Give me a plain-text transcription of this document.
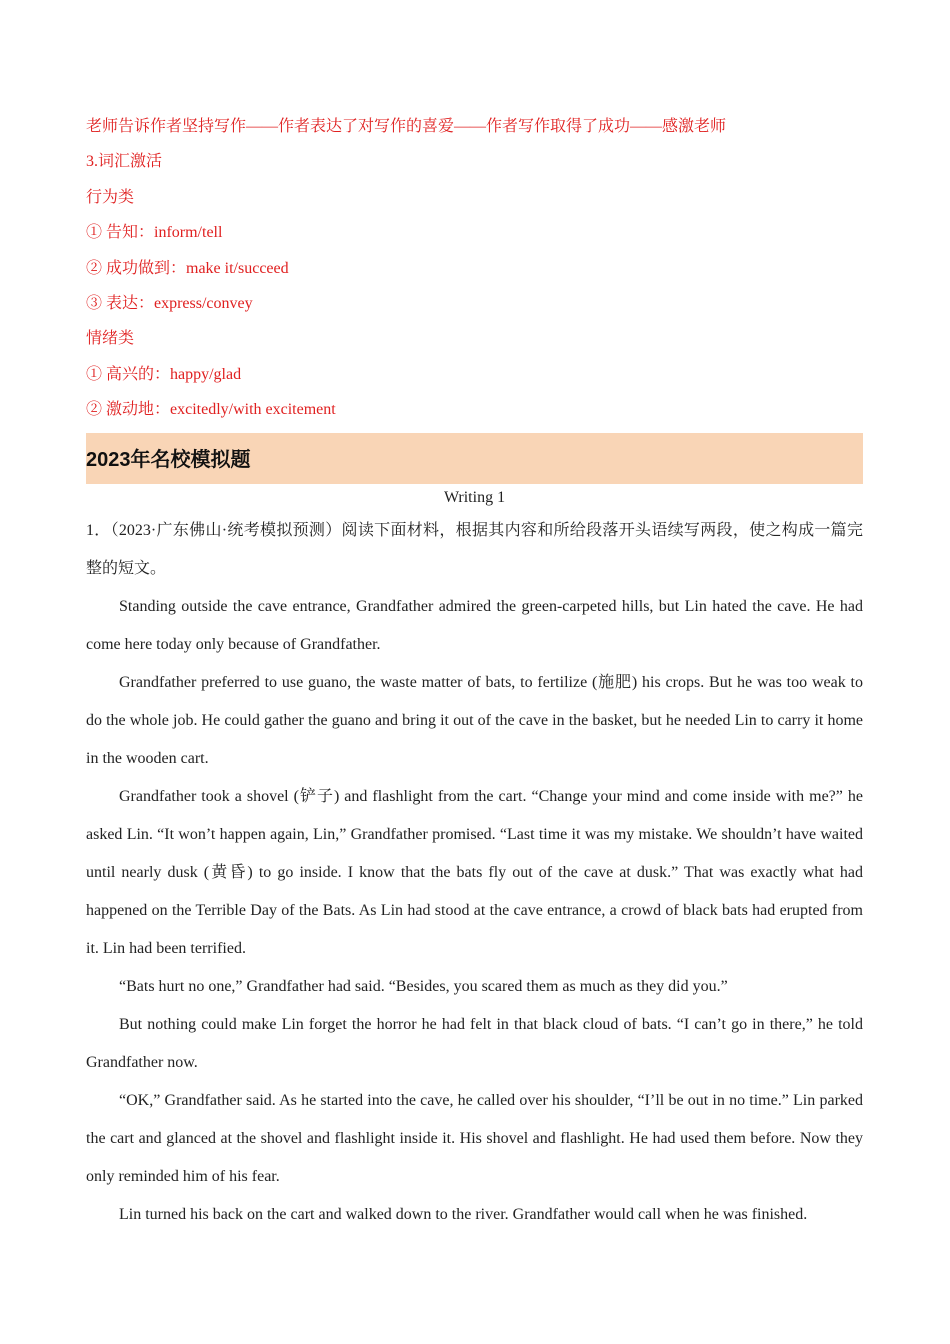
老师告诉作者坚持写作——作者表达了对写作的喜爱——作者写作取得了成功——感激老师
3.词汇激活
行为类
① 告知：inform/tell
② 成功做到：make it/succeed
③ 表达：express/convey
情绪类
① 高兴的：happy/glad
② 激动地：excitedly/with excitement
2023年名校模拟题
Writing 1
1．（2023·广东佛山·统考模拟预测）阅读下面材料，根据其内容和所给段落开头语续写两段，使之构成一篇完整的短文。

Standing outside the cave entrance, Grandfather admired the green-carpeted hills, but Lin hated the cave. He had come here today only because of Grandfather.

Grandfather preferred to use guano, the waste matter of bats, to fertilize (施肥) his crops. But he was too weak to do the whole job. He could gather the guano and bring it out of the cave in the basket, but he needed Lin to carry it home in the wooden cart.

Grandfather took a shovel (铲子) and flashlight from the cart. “Change your mind and come inside with me?” he asked Lin. “It won’t happen again, Lin,” Grandfather promised. “Last time it was my mistake. We shouldn’t have waited until nearly dusk (黄昏) to go inside. I know that the bats fly out of the cave at dusk.” That was exactly what had happened on the Terrible Day of the Bats. As Lin had stood at the cave entrance, a crowd of black bats had erupted from it. Lin had been terrified.

“Bats hurt no one,” Grandfather had said. “Besides, you scared them as much as they did you.”

But nothing could make Lin forget the horror he had felt in that black cloud of bats. “I can’t go in there,” he told Grandfather now.

“OK,” Grandfather said. As he started into the cave, he called over his shoulder, “I’ll be out in no time.” Lin parked the cart and glanced at the shovel and flashlight inside it. His shovel and flashlight. He had used them before. Now they only reminded him of his fear.

Lin turned his back on the cart and walked down to the river. Grandfather would call when he was finished.
